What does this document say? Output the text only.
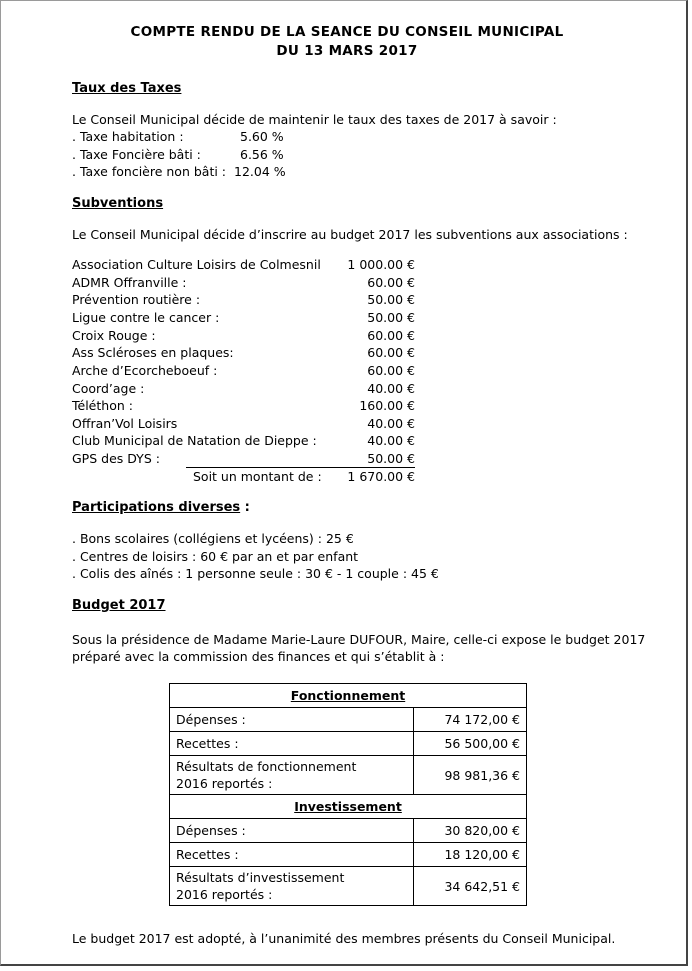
COMPTE RENDU DE LA SEANCE DU CONSEIL MUNICIPAL
DU 13 MARS 2017
Taux des Taxes
Le Conseil Municipal décide de maintenir le taux des taxes de 2017 à savoir :
. Taxe habitation :	5.60 %
. Taxe Foncière bâti :	6.56 %
. Taxe foncière non bâti : 12.04 %
Subventions
Le Conseil Municipal décide d’inscrire au budget 2017 les subventions aux associations :
Association Culture Loisirs de Colmesnil 1 000.00 €
ADMR Offranville :	60.00 €
Prévention routière :	50.00 €
Ligue contre le cancer :	50.00 €
Croix Rouge :	60.00 €
Ass Scléroses en plaques:	60.00 €
Arche d’Ecorcheboeuf :	60.00 €
Coord’age :	40.00 €
Téléthon :	160.00 €
Offran’Vol Loisirs	40.00 €
Club Municipal de Natation de Dieppe :	40.00 €
GPS des DYS :	50.00 €
Soit un montant de : 1 670.00 €
Participations diverses :
. Bons scolaires (collégiens et lycéens) : 25 €
. Centres de loisirs : 60 € par an et par enfant
. Colis des aînés : 1 personne seule : 30 € - 1 couple : 45 €
Budget 2017
Sous la présidence de Madame Marie-Laure DUFOUR, Maire, celle-ci expose le budget 2017
préparé avec la commission des finances et qui s’établit à :
Fonctionnement	
Dépenses :	74 172,00 €
Recettes :	56 500,00 €
Résultats de fonctionnement
2016 reportés :	98 981,36 €
Investissement	
Dépenses :	30 820,00 €
Recettes :	18 120,00 €
Résultats d’investissement
2016 reportés :	34 642,51 €
Le budget 2017 est adopté, à l’unanimité des membres présents du Conseil Municipal.
